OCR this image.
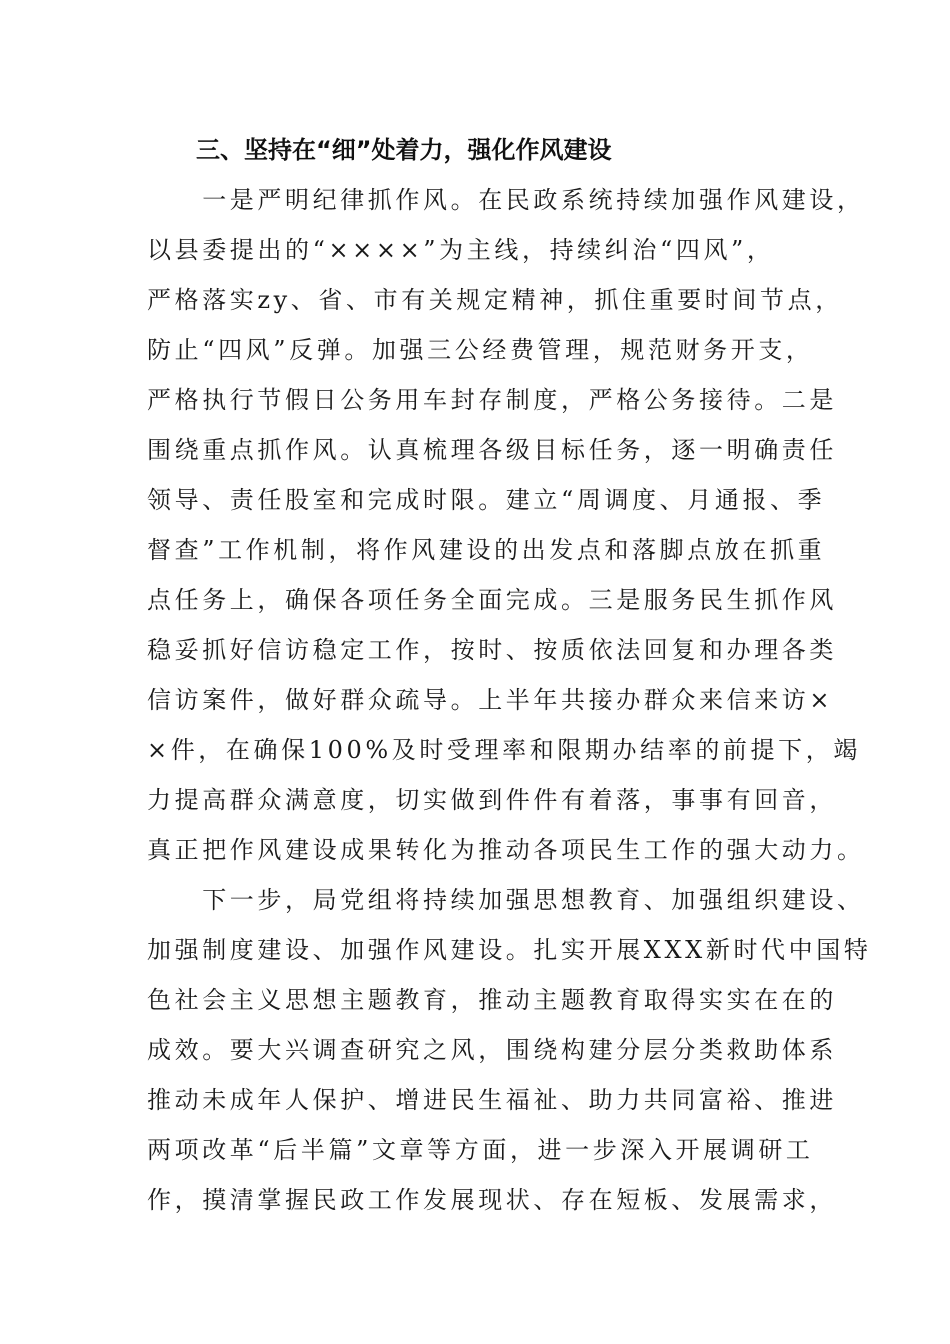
三、坚持在“细”处着力，强化作风建设
　　一是严明纪律抓作风。在民政系统持续加强作风建设，
以县委提出的“××××”为主线，持续纠治“四风”，
严格落实zy、省、市有关规定精神，抓住重要时间节点，
防止“四风”反弹。加强三公经费管理，规范财务开支，
严格执行节假日公务用车封存制度，严格公务接待。二是
围绕重点抓作风。认真梳理各级目标任务，逐一明确责任
领导、责任股室和完成时限。建立“周调度、月通报、季
督查”工作机制，将作风建设的出发点和落脚点放在抓重
点任务上，确保各项任务全面完成。三是服务民生抓作风
稳妥抓好信访稳定工作，按时、按质依法回复和办理各类
信访案件，做好群众疏导。上半年共接办群众来信来访×
×件，在确保100%及时受理率和限期办结率的前提下，竭
力提高群众满意度，切实做到件件有着落，事事有回音，
真正把作风建设成果转化为推动各项民生工作的强大动力。
　　下一步，局党组将持续加强思想教育、加强组织建设、
加强制度建设、加强作风建设。扎实开展XXX新时代中国特
色社会主义思想主题教育，推动主题教育取得实实在在的
成效。要大兴调查研究之风，围绕构建分层分类救助体系
推动未成年人保护、增进民生福祉、助力共同富裕、推进
两项改革“后半篇”文章等方面，进一步深入开展调研工
作，摸清掌握民政工作发展现状、存在短板、发展需求，
